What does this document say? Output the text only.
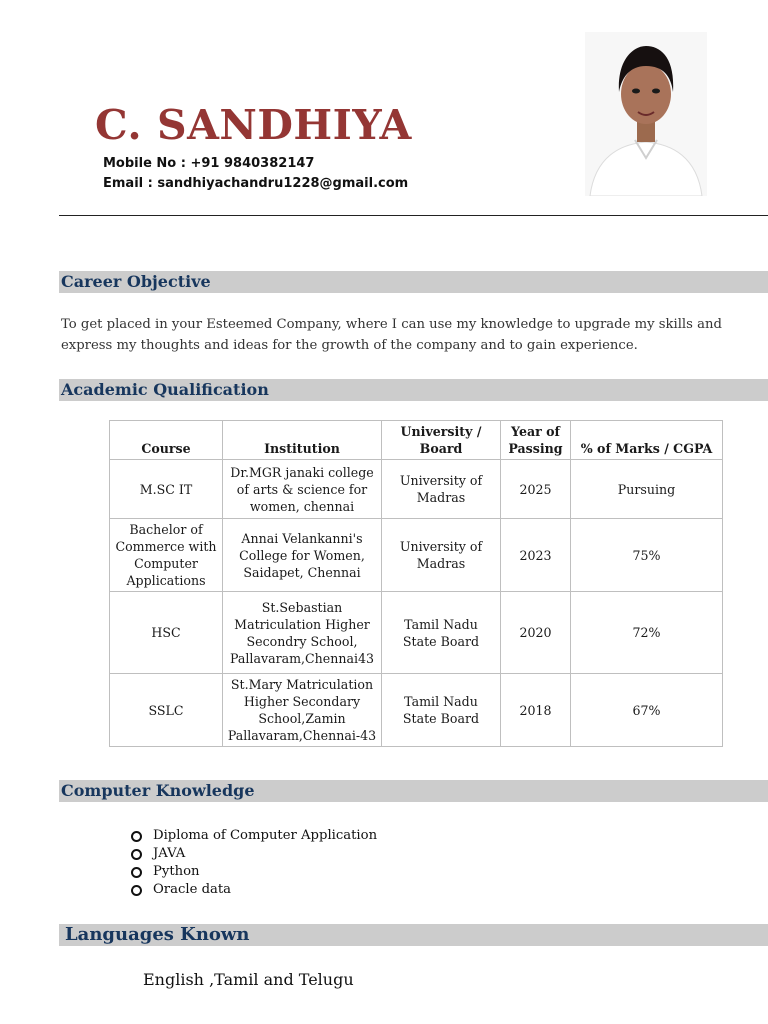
C. SANDHIYA
Mobile No : +91 9840382147
Email : sandhiyachandru1228@gmail.com
Career Objective
To get placed in your Esteemed Company, where I can use my knowledge to upgrade my skills and express my thoughts and ideas for the growth of the company and to gain experience.
Academic Qualification
Course	Institution	University / Board	Year of Passing	% of Marks / CGPA
M.SC IT	Dr.MGR janaki college of arts & science for women, chennai	University of Madras	2025	Pursuing
Bachelor of Commerce with Computer Applications	Annai Velankanni's College for Women, Saidapet, Chennai	University of Madras	2023	75%
HSC	St.Sebastian Matriculation Higher Secondry School, Pallavaram,Chennai43	Tamil Nadu State Board	2020	72%
SSLC	St.Mary Matriculation Higher Secondary School,Zamin Pallavaram,Chennai-43	Tamil Nadu State Board	2018	67%
Computer Knowledge
Diploma of Computer Application
JAVA
Python
Oracle data
Languages Known
English ,Tamil and Telugu
